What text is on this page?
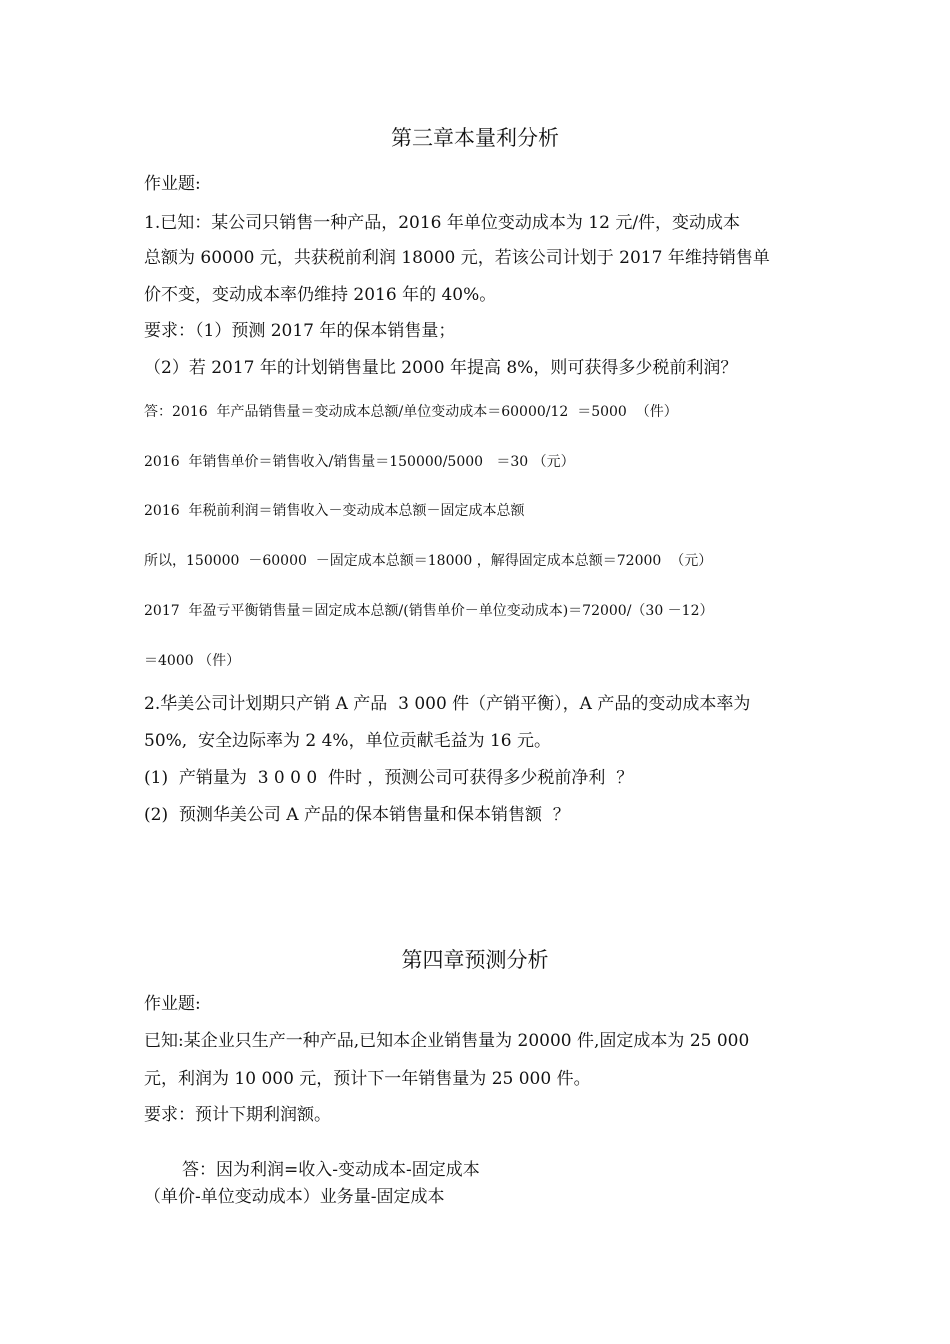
第三章本量利分析
作业题:
1.已知：某公司只销售一种产品，2016 年单位变动成本为 12 元/件，变动成本
总额为 60000 元，共获税前利润 18000 元，若该公司计划于 2017 年维持销售单
价不变，变动成本率仍维持 2016 年的 40%。
要求：（1）预测 2017 年的保本销售量；
（2）若 2017 年的计划销售量比 2000 年提高 8%，则可获得多少税前利润？
答：2016  年产品销售量＝变动成本总额/单位变动成本＝60000/12  ＝5000  （件）
2016  年销售单价＝销售收入/销售量＝150000/5000   ＝30 （元）
2016  年税前利润＝销售收入－变动成本总额－固定成本总额
所以，150000  －60000  －固定成本总额＝18000 ，解得固定成本总额＝72000  （元）
2017  年盈亏平衡销售量＝固定成本总额/(销售单价－单位变动成本)＝72000/（30 －12）
＝4000 （件）
2.华美公司计划期只产销 A 产品  3 000 件（产销平衡），A 产品的变动成本率为
50%,  安全边际率为 2 4%，单位贡献毛益为 16 元。
(1)  产销量为  3 0 0 0  件时 ，预测公司可获得多少税前净利  ？
(2)  预测华美公司 A 产品的保本销售量和保本销售额  ？
第四章预测分析
作业题:
已知:某企业只生产一种产品,已知本企业销售量为 20000 件,固定成本为 25 000
元，利润为 10 000 元，预计下一年销售量为 25 000 件。
要求：预计下期利润额。
答：因为利润=收入-变动成本-固定成本
（单价-单位变动成本）业务量-固定成本
